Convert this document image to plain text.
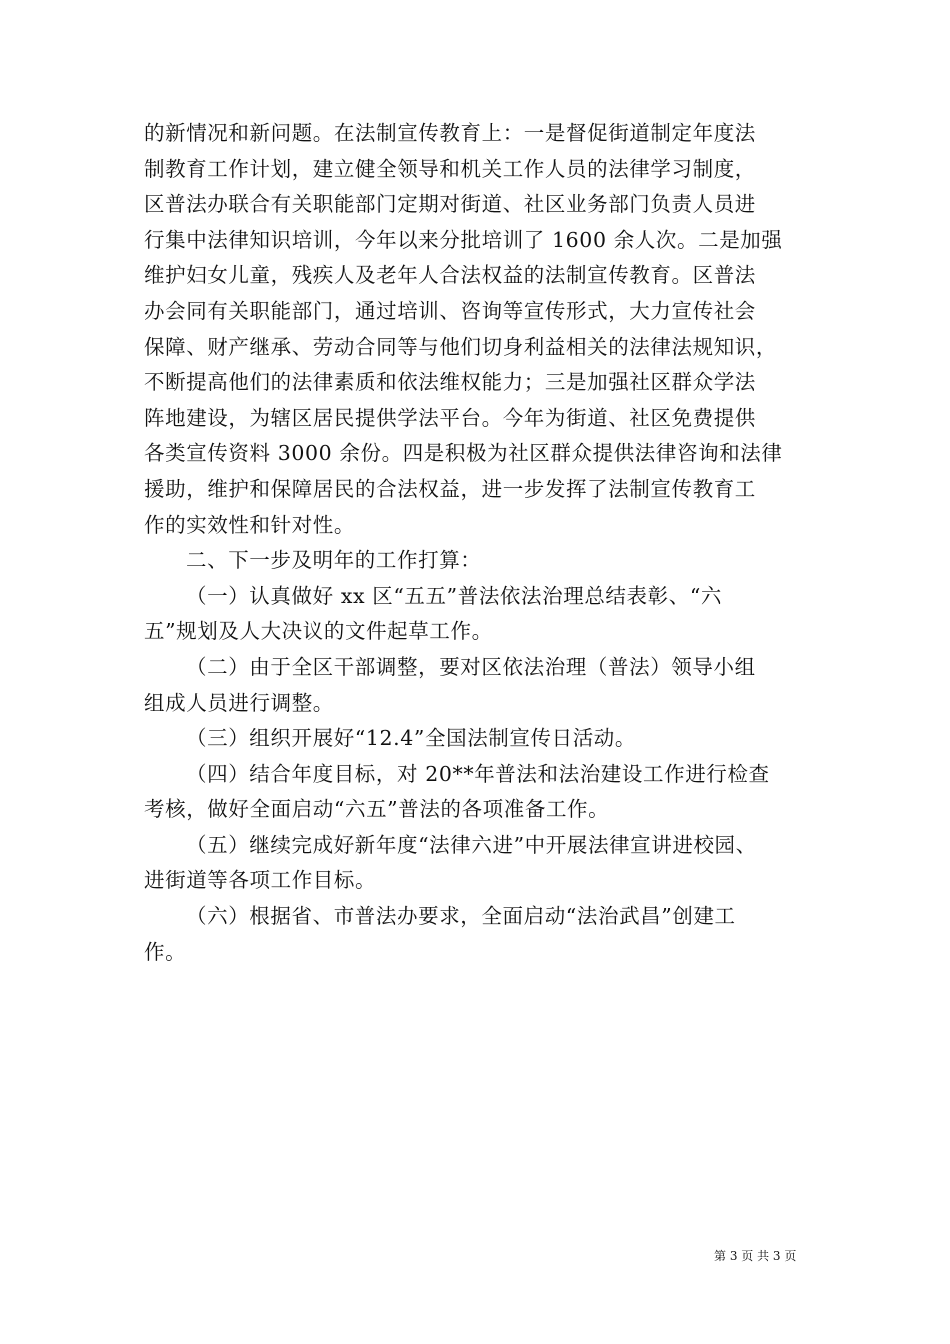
的新情况和新问题。在法制宣传教育上：一是督促街道制定年度法
制教育工作计划，建立健全领导和机关工作人员的法律学习制度，
区普法办联合有关职能部门定期对街道、社区业务部门负责人员进
行集中法律知识培训，今年以来分批培训了 1600 余人次。二是加强
维护妇女儿童，残疾人及老年人合法权益的法制宣传教育。区普法
办会同有关职能部门，通过培训、咨询等宣传形式，大力宣传社会
保障、财产继承、劳动合同等与他们切身利益相关的法律法规知识，
不断提高他们的法律素质和依法维权能力；三是加强社区群众学法
阵地建设，为辖区居民提供学法平台。今年为街道、社区免费提供
各类宣传资料 3000 余份。四是积极为社区群众提供法律咨询和法律
援助，维护和保障居民的合法权益，进一步发挥了法制宣传教育工
作的实效性和针对性。
二、下一步及明年的工作打算：
（一）认真做好 xx 区“五五”普法依法治理总结表彰、“六
五”规划及人大决议的文件起草工作。
（二）由于全区干部调整，要对区依法治理（普法）领导小组
组成人员进行调整。
（三）组织开展好“12.4”全国法制宣传日活动。
（四）结合年度目标，对 20**年普法和法治建设工作进行检查
考核，做好全面启动“六五”普法的各项准备工作。
（五）继续完成好新年度“法律六进”中开展法律宣讲进校园、
进街道等各项工作目标。
（六）根据省、市普法办要求，全面启动“法治武昌”创建工
作。
第 3 页 共 3 页
